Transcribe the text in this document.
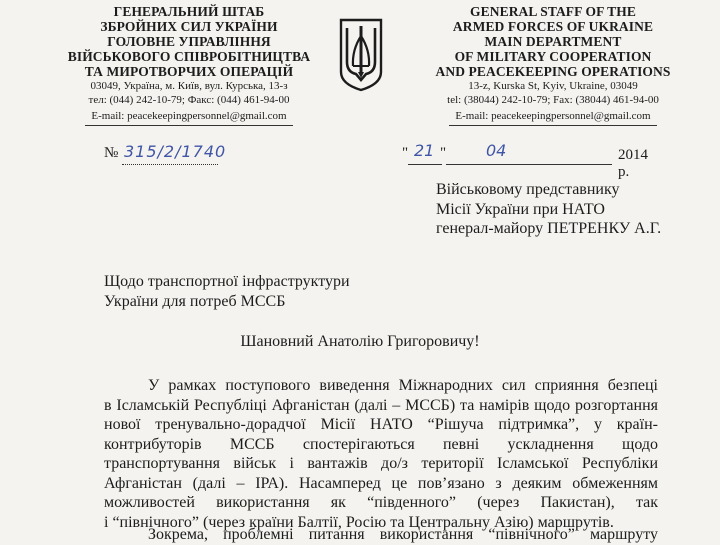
ГЕНЕРАЛЬНИЙ ШТАБ
ЗБРОЙНИХ СИЛ УКРАЇНИ
ГОЛОВНЕ УПРАВЛІННЯ
ВІЙСЬКОВОГО СПІВРОБІТНИЦТВА
ТА МИРОТВОРЧИХ ОПЕРАЦІЙ
03049, Україна, м. Київ, вул. Курська, 13-з
тел: (044) 242-10-79; Факс: (044) 461-94-00
E-mail: peacekeepingpersonnel@gmail.com
GENERAL STAFF OF THE
ARMED FORCES OF UKRAINE
MAIN DEPARTMENT
OF MILITARY COOPERATION
AND PEACEKEEPING OPERATIONS
13-z, Kurska St, Kyiv, Ukraine, 03049
tel: (38044) 242-10-79; Fax: (38044) 461-94-00
E-mail: peacekeepingpersonnel@gmail.com
№ 315/2/1740	" 21 " 04	2014 р.
Військовому представнику
Місії України при НАТО
генерал-майору ПЕТРЕНКУ А.Г.
Щодо транспортної інфраструктури
України для потреб МССБ
Шановний Анатолію Григоровичу!
У рамках поступового виведення Міжнародних сил сприяння безпеці
в Ісламській Республіці Афганістан (далі – МССБ) та намірів щодо розгортання
нової тренувально-дорадчої Місії НАТО “Рішуча підтримка”, у країн-
контрибуторів МССБ спостерігаються певні ускладнення щодо
транспортування військ і вантажів до/з території Ісламської Республіки
Афганістан (далі – ІРА). Насамперед це пов’язано з деяким обмеженням
можливостей використання як “південного” (через Пакистан), так
і “північного” (через країни Балтії, Росію та Центральну Азію) маршрутів.
Зокрема, проблемні питання використання “північного” маршруту
